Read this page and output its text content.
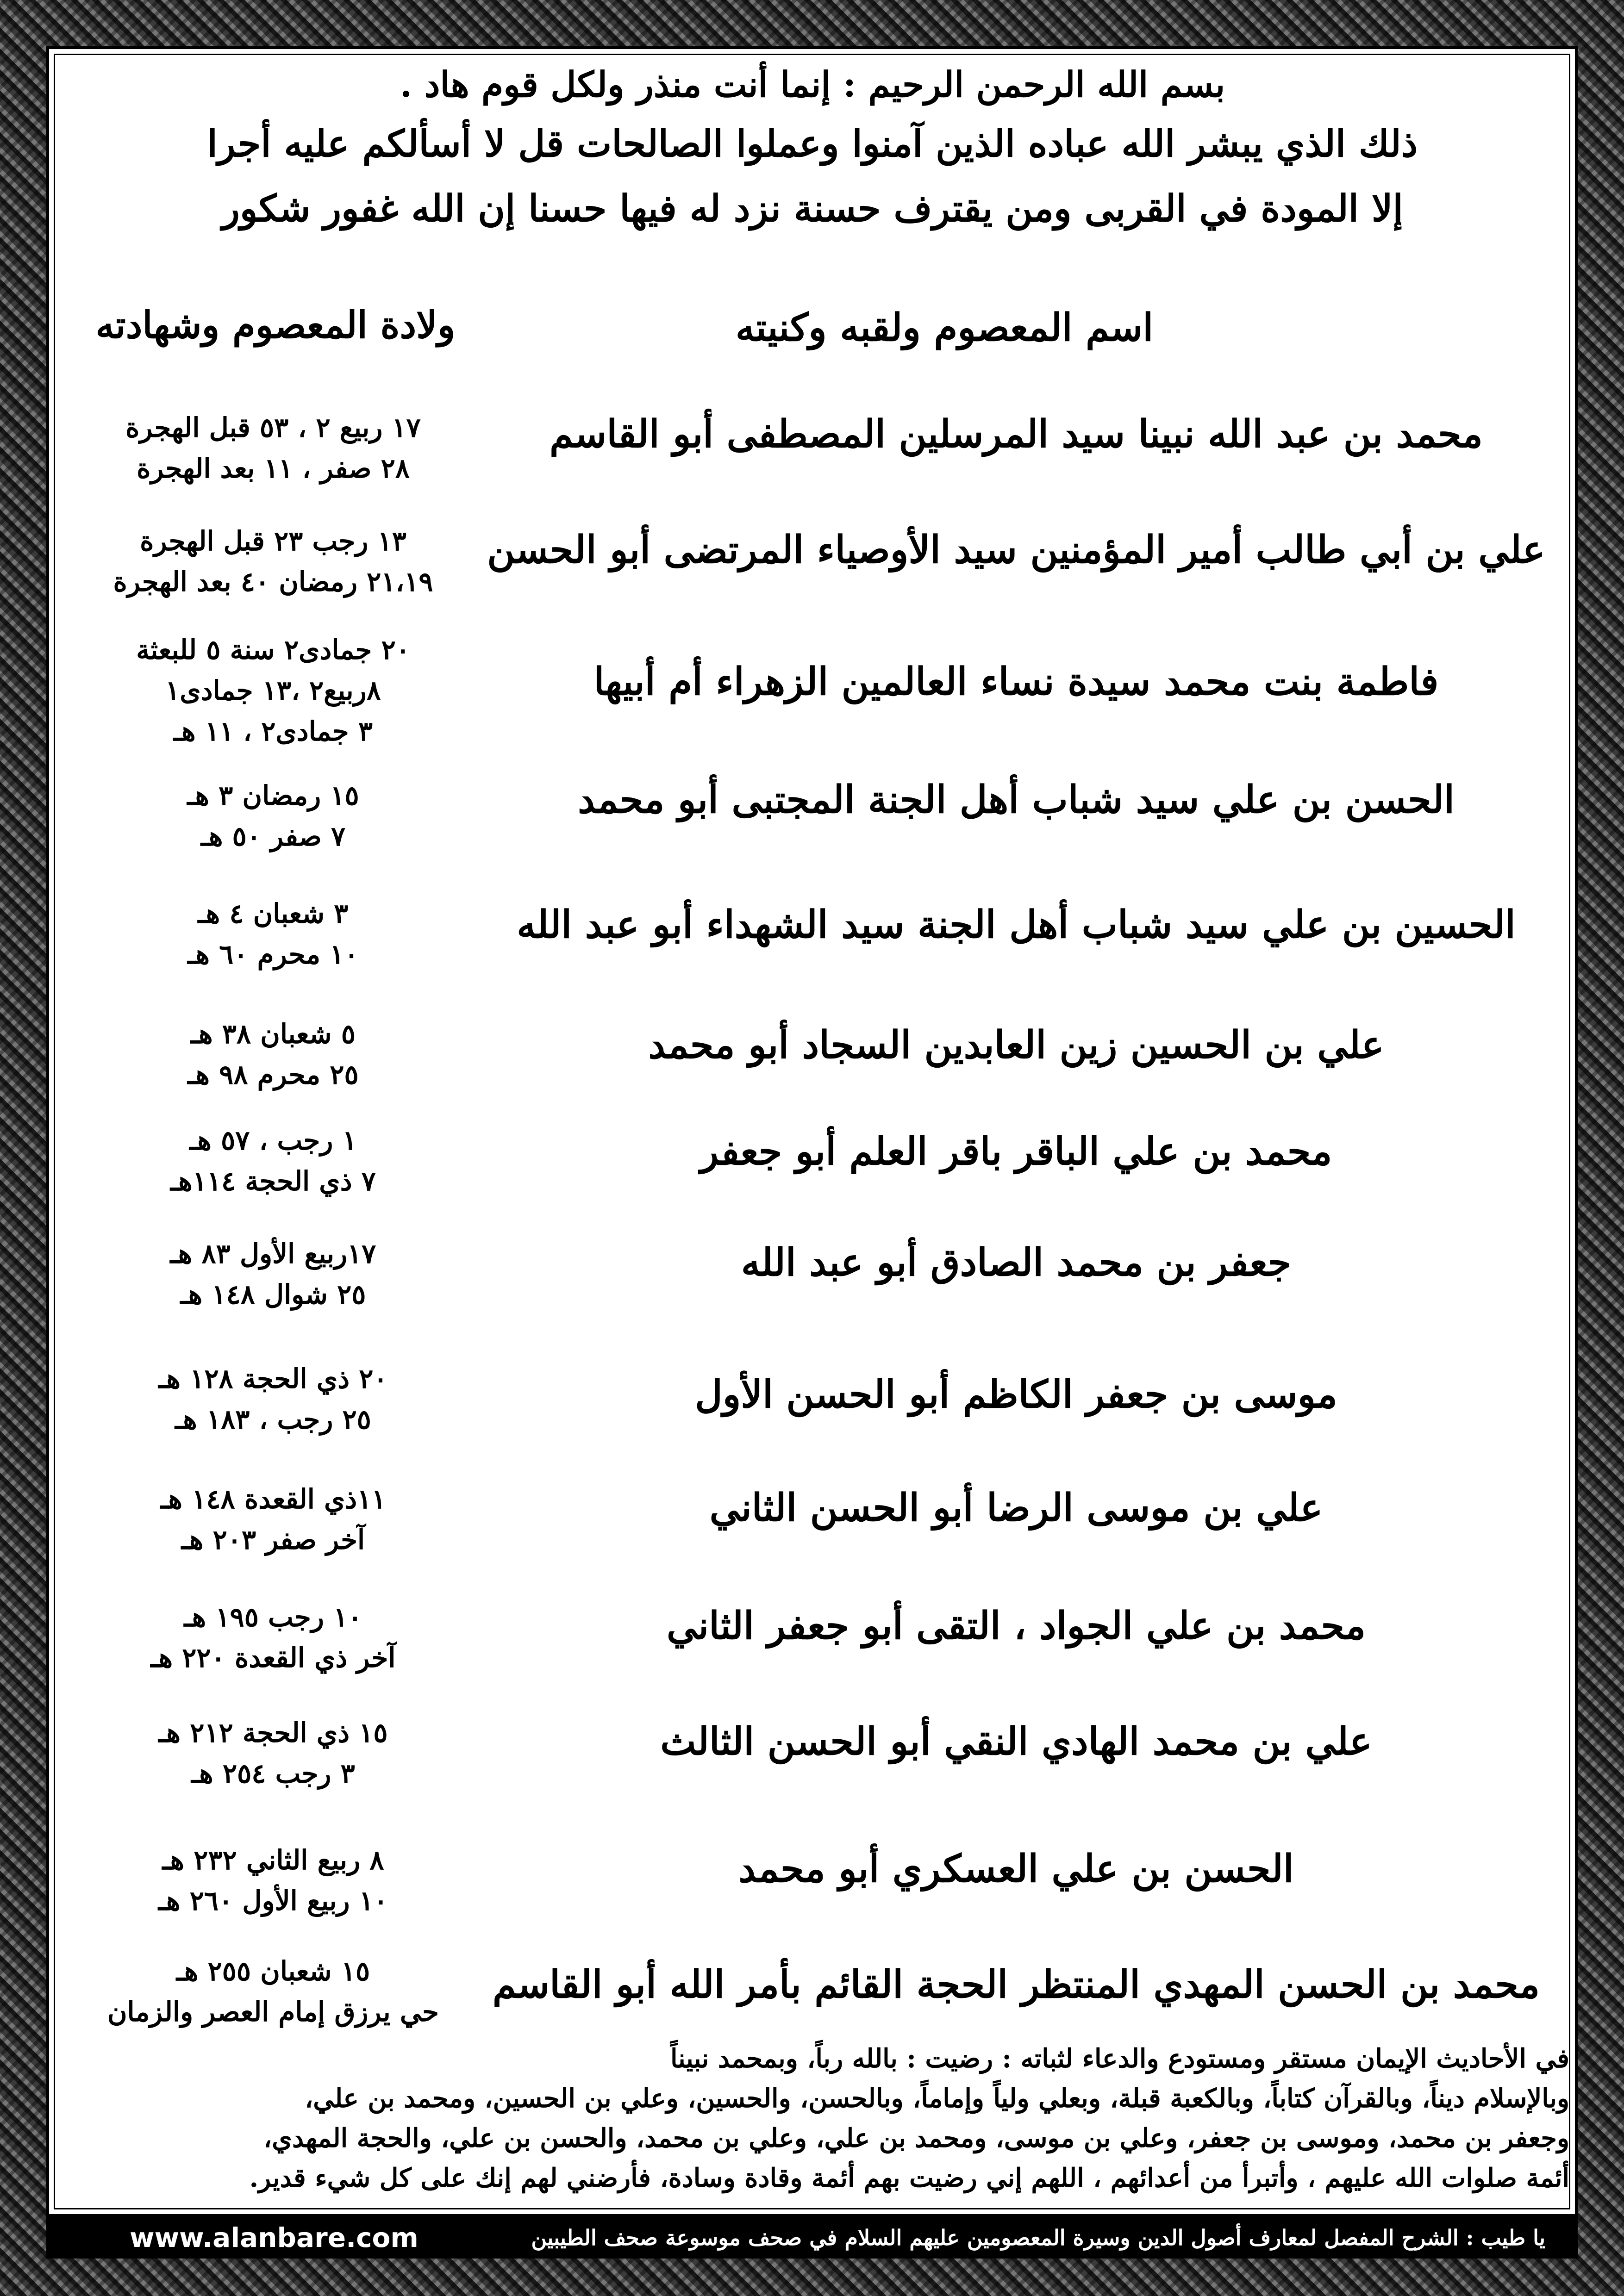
بسم الله الرحمن الرحيم : إنما أنت منذر ولكل قوم هاد .
ذلك الذي يبشر الله عباده الذين آمنوا وعملوا الصالحات قل لا أسألكم عليه أجرا
إلا المودة في القربى ومن يقترف حسنة نزد له فيها حسنا إن الله غفور شكور
اسم المعصوم ولقبه وكنيته
ولادة المعصوم وشهادته
محمد بن عبد الله نبينا سيد المرسلين المصطفى أبو القاسم
١٧ ربيع ٢ ، ٥٣ قبل الهجرة
٢٨ صفر ، ١١ بعد الهجرة
علي بن أبي طالب أمير المؤمنين سيد الأوصياء المرتضى أبو الحسن
١٣ رجب ٢٣ قبل الهجرة
٢١،١٩ رمضان ٤٠ بعد الهجرة
فاطمة بنت محمد سيدة نساء العالمين الزهراء أم أبيها
٢٠ جمادى٢ سنة ٥ للبعثة
٨ربيع٢ ،١٣ جمادى١
٣ جمادى٢ ، ١١ هـ
الحسن بن علي سيد شباب أهل الجنة المجتبى أبو محمد
١٥ رمضان ٣ هـ
٧ صفر ٥٠ هـ
الحسين بن علي سيد شباب أهل الجنة سيد الشهداء أبو عبد الله
٣ شعبان ٤ هـ
١٠ محرم ٦٠ هـ
علي بن الحسين زين العابدين السجاد أبو محمد
٥ شعبان ٣٨ هـ
٢٥ محرم ٩٨ هـ
محمد بن علي الباقر باقر العلم أبو جعفر
١ رجب ، ٥٧ هـ
٧ ذي الحجة ١١٤هـ
جعفر بن محمد الصادق أبو عبد الله
١٧ربيع الأول ٨٣ هـ
٢٥ شوال ١٤٨ هـ
موسى بن جعفر الكاظم أبو الحسن الأول
٢٠ ذي الحجة ١٢٨ هـ
٢٥ رجب ، ١٨٣ هـ
علي بن موسى الرضا أبو الحسن الثاني
١١ذي القعدة ١٤٨ هـ
آخر صفر ٢٠٣ هـ
محمد بن علي الجواد ، التقى أبو جعفر الثاني
١٠ رجب ١٩٥ هـ
آخر ذي القعدة ٢٢٠ هـ
علي بن محمد الهادي النقي أبو الحسن الثالث
١٥ ذي الحجة ٢١٢ هـ
٣ رجب ٢٥٤ هـ
الحسن بن علي العسكري أبو محمد
٨ ربيع الثاني ٢٣٢ هـ
١٠ ربيع الأول ٢٦٠ هـ
محمد بن الحسن المهدي المنتظر الحجة القائم بأمر الله أبو القاسم
١٥ شعبان ٢٥٥ هـ
حي يرزق إمام العصر والزمان
في الأحاديث الإيمان مستقر ومستودع والدعاء لثباته : رضيت : بالله رباً، وبمحمد نبيناً
وبالإسلام ديناً، وبالقرآن كتاباً، وبالكعبة قبلة، وبعلي ولياً وإماماً، وبالحسن، والحسين، وعلي بن الحسين، ومحمد بن علي،
وجعفر بن محمد، وموسى بن جعفر، وعلي بن موسى، ومحمد بن علي، وعلي بن محمد، والحسن بن علي، والحجة المهدي،
أئمة صلوات الله عليهم ، وأتبرأ من أعدائهم ، اللهم إني رضيت بهم أئمة وقادة وسادة، فأرضني لهم إنك على كل شيء قدير.
www.alanbare.com	يا طيب : الشرح المفصل لمعارف أصول الدين وسيرة المعصومين عليهم السلام في صحف موسوعة صحف الطيبين
